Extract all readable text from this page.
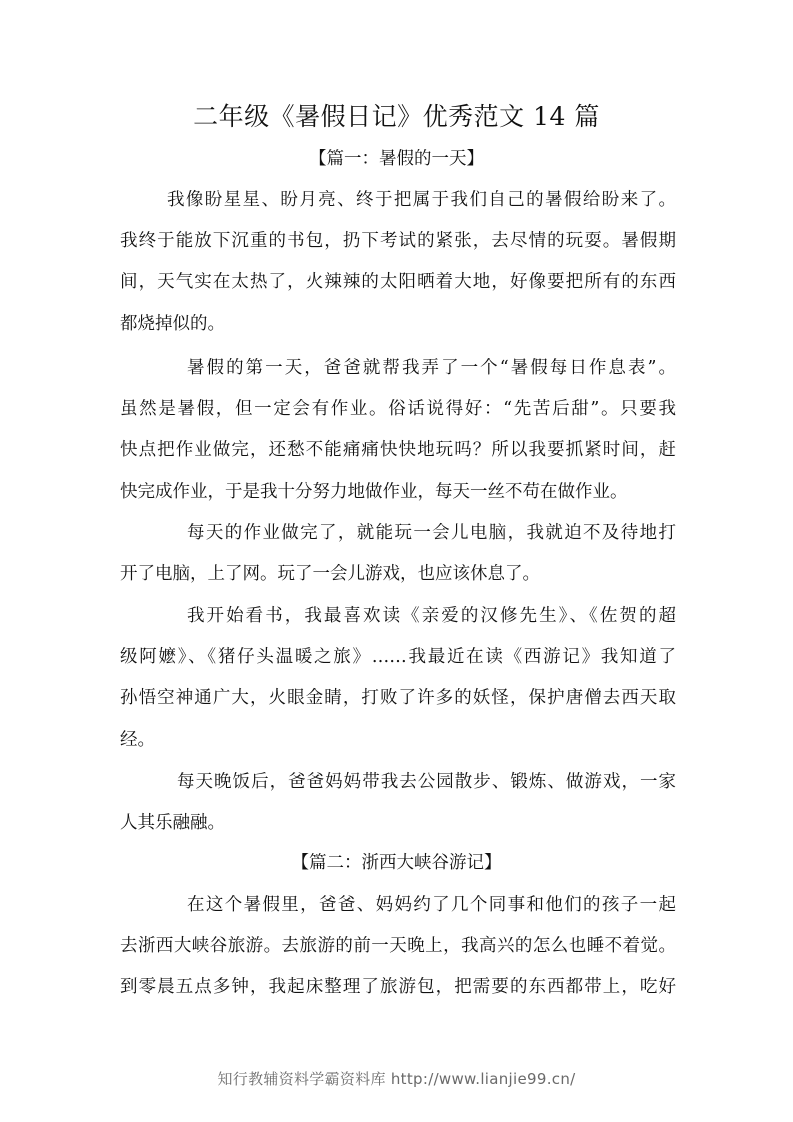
二年级《暑假日记》优秀范文 14 篇
【篇一：暑假的一天】
我像盼星星、盼月亮、终于把属于我们自己的暑假给盼来了。
我终于能放下沉重的书包，扔下考试的紧张，去尽情的玩耍。暑假期
间，天气实在太热了，火辣辣的太阳晒着大地，好像要把所有的东西
都烧掉似的。
暑假的第一天，爸爸就帮我弄了一个“暑假每日作息表”。
虽然是暑假，但一定会有作业。俗话说得好：“先苦后甜”。只要我
快点把作业做完，还愁不能痛痛快快地玩吗？所以我要抓紧时间，赶
快完成作业，于是我十分努力地做作业，每天一丝不苟在做作业。
每天的作业做完了，就能玩一会儿电脑，我就迫不及待地打
开了电脑，上了网。玩了一会儿游戏，也应该休息了。
我开始看书，我最喜欢读《亲爱的汉修先生》、《佐贺的超
级阿嬷》、《猪仔头温暖之旅》……我最近在读《西游记》我知道了
孙悟空神通广大，火眼金睛，打败了许多的妖怪，保护唐僧去西天取
经。
每天晚饭后，爸爸妈妈带我去公园散步、锻炼、做游戏，一家
人其乐融融。
【篇二：浙西大峡谷游记】
在这个暑假里，爸爸、妈妈约了几个同事和他们的孩子一起
去浙西大峡谷旅游。去旅游的前一天晚上，我高兴的怎么也睡不着觉。
到零晨五点多钟，我起床整理了旅游包，把需要的东西都带上，吃好
知行教辅资料学霸资料库 http://www.lianjie99.cn/
